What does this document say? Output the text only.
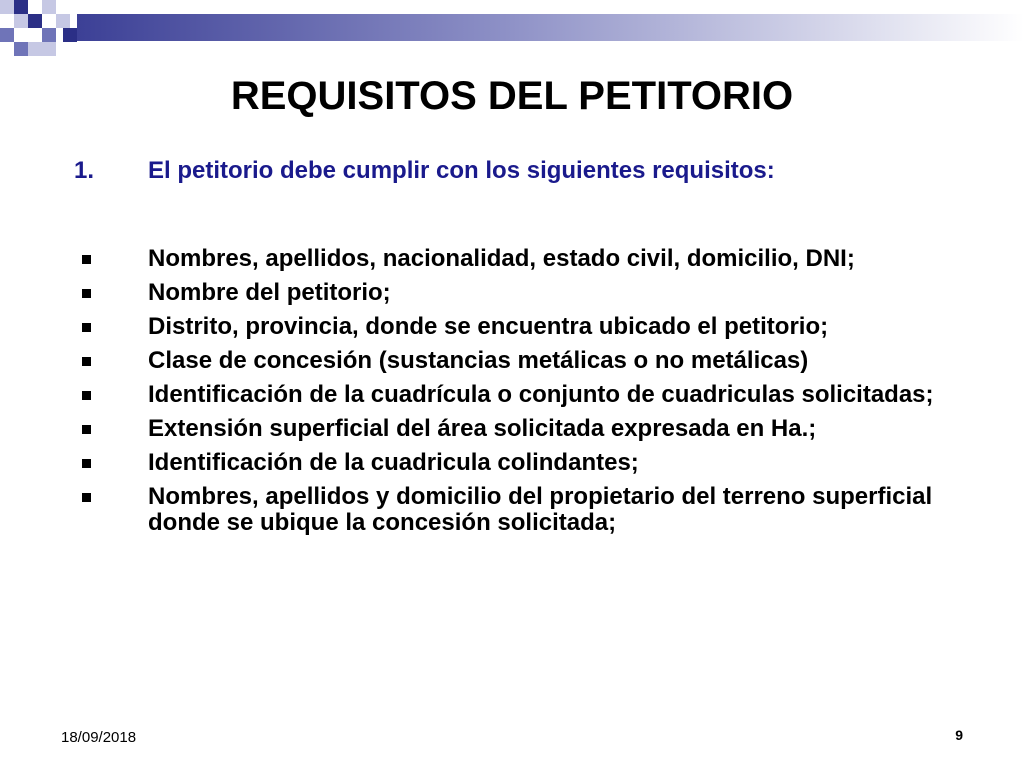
REQUISITOS DEL PETITORIO

1. El petitorio debe cumplir con los siguientes requisitos:

Nombres, apellidos, nacionalidad, estado civil, domicilio, DNI;
Nombre del petitorio;
Distrito, provincia, donde se encuentra ubicado el petitorio;
Clase de concesión (sustancias metálicas o no metálicas)
Identificación de la cuadrícula o conjunto de cuadriculas solicitadas;
Extensión superficial del área solicitada expresada en Ha.;
Identificación de la cuadricula colindantes;
Nombres, apellidos y domicilio del propietario del terreno superficial donde se ubique la concesión solicitada;
18/09/2018	9
